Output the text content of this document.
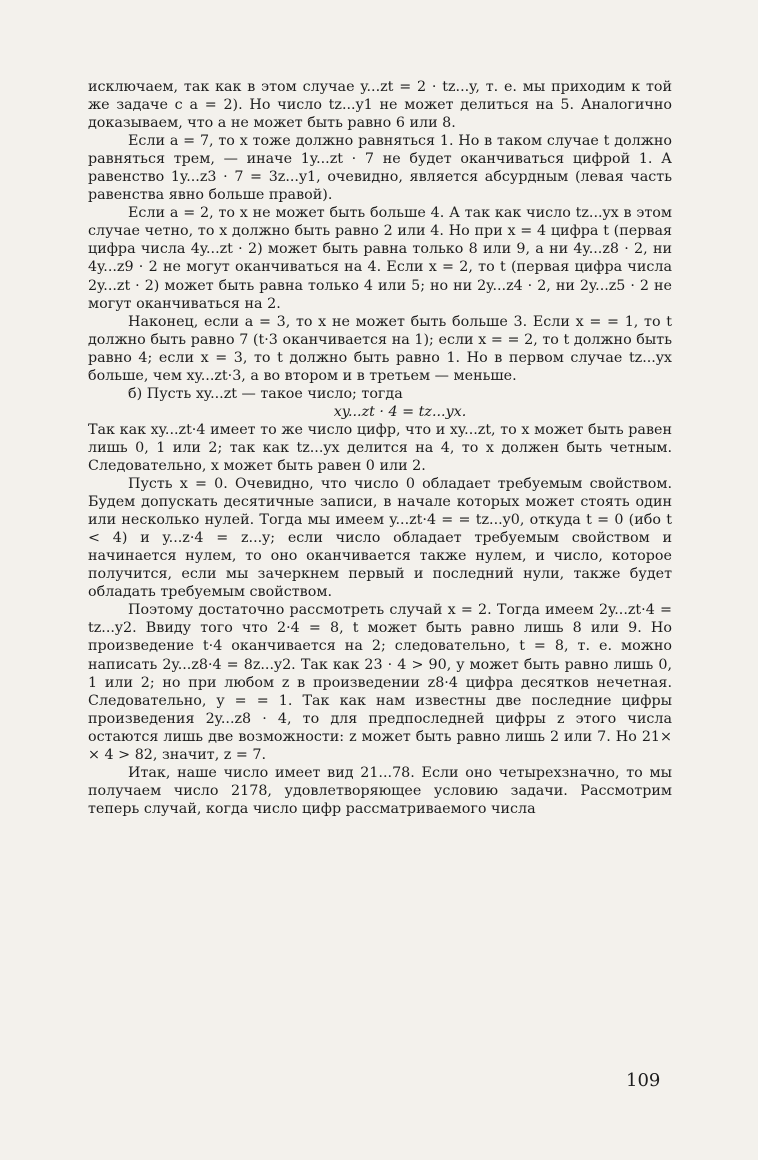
исключаем, так как в этом случае y...zt = 2 · tz...y, т. е. мы приходим к той же задаче с a = 2). Но число tz...y1 не может делиться на 5. Аналогично доказываем, что a не может быть равно 6 или 8.

Если a = 7, то x тоже должно равняться 1. Но в таком случае t должно равняться трем, — иначе 1y...zt · 7 не будет оканчиваться цифрой 1. А равенство 1y...z3 · 7 = 3z...y1, очевидно, является абсурдным (левая часть равенства явно больше правой).

Если a = 2, то x не может быть больше 4. А так как число tz...yx в этом случае четно, то x должно быть равно 2 или 4. Но при x = 4 цифра t (первая цифра числа 4y...zt · 2) может быть равна только 8 или 9, а ни 4y...z8 · 2, ни 4y...z9 · 2 не могут оканчиваться на 4. Если x = 2, то t (первая цифра числа 2y...zt · 2) может быть равна только 4 или 5; но ни 2y...z4 · 2, ни 2y...z5 · 2 не могут оканчиваться на 2.

Наконец, если a = 3, то x не может быть больше 3. Если x = = 1, то t должно быть равно 7 (t·3 оканчивается на 1); если x = = 2, то t должно быть равно 4; если x = 3, то t должно быть равно 1. Но в первом случае tz...yx больше, чем xy...zt·3, а во втором и в третьем — меньше.

б) Пусть xy...zt — такое число; тогда

xy...zt · 4 = tz...yx.

Так как xy...zt·4 имеет то же число цифр, что и xy...zt, то x может быть равен лишь 0, 1 или 2; так как tz...yx делится на 4, то x должен быть четным. Следовательно, x может быть равен 0 или 2.

Пусть x = 0. Очевидно, что число 0 обладает требуемым свойством. Будем допускать десятичные записи, в начале которых может стоять один или несколько нулей. Тогда мы имеем y...zt·4 = = tz...y0, откуда t = 0 (ибо t < 4) и y...z·4 = z...y; если число обладает требуемым свойством и начинается нулем, то оно оканчивается также нулем, и число, которое получится, если мы зачеркнем первый и последний нули, также будет обладать требуемым свойством.

Поэтому достаточно рассмотреть случай x = 2. Тогда имеем 2y...zt·4 = tz...y2. Ввиду того что 2·4 = 8, t может быть равно лишь 8 или 9. Но произведение t·4 оканчивается на 2; следовательно, t = 8, т. е. можно написать 2y...z8·4 = 8z...y2. Так как 23 · 4 > 90, y может быть равно лишь 0, 1 или 2; но при любом z в произведении z8·4 цифра десятков нечетная. Следовательно, y = = 1. Так как нам известны две последние цифры произведения 2y...z8 · 4, то для предпоследней цифры z этого числа остаются лишь две возможности: z может быть равно лишь 2 или 7. Но 21× × 4 > 82, значит, z = 7.

Итак, наше число имеет вид 21...78. Если оно четырехзначно, то мы получаем число 2178, удовлетворяющее условию задачи. Рассмотрим теперь случай, когда число цифр рассматриваемого числа

109
